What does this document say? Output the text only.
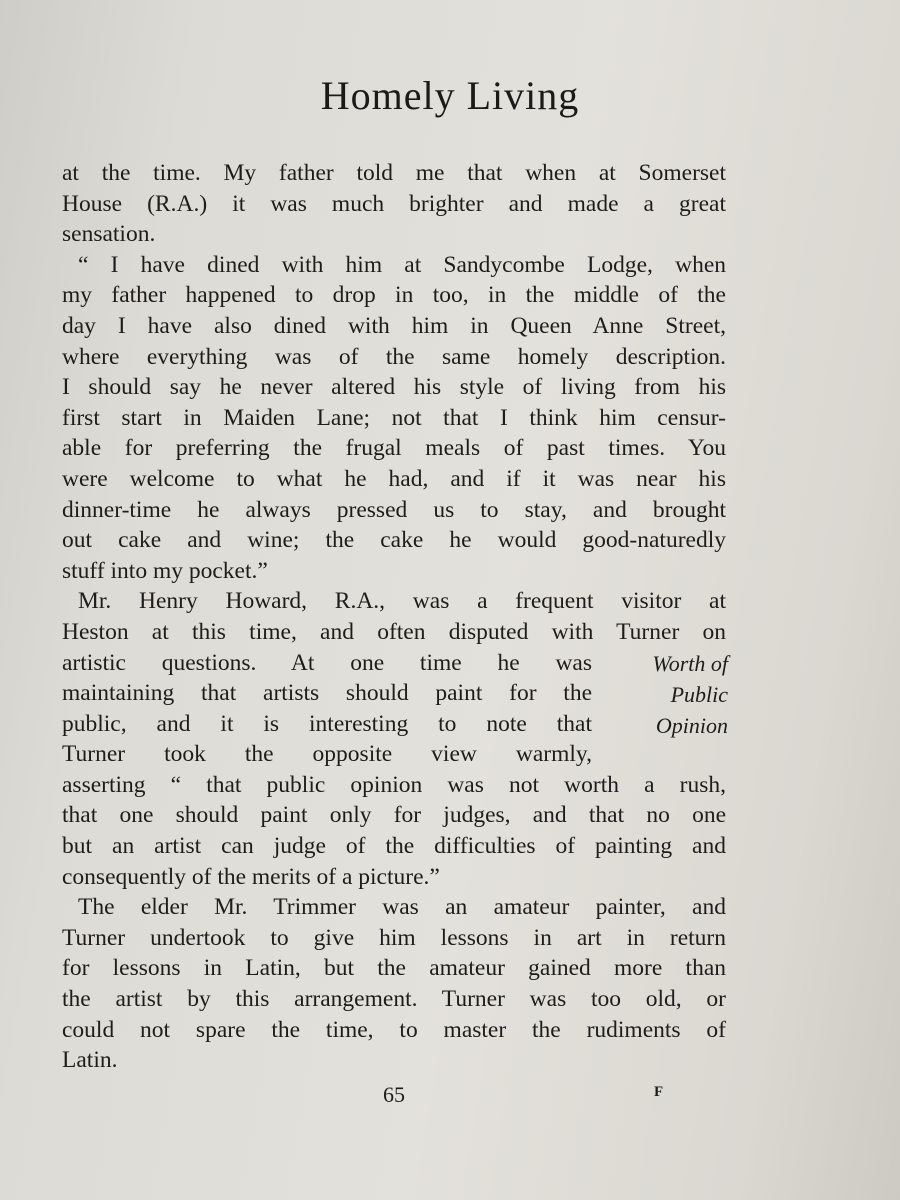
Homely Living
at the time. My father told me that when at Somerset
House (R.A.) it was much brighter and made a great
sensation.
“ I have dined with him at Sandycombe Lodge, when
my father happened to drop in too, in the middle of the
day I have also dined with him in Queen Anne Street,
where everything was of the same homely description.
I should say he never altered his style of living from his
first start in Maiden Lane; not that I think him censur-
able for preferring the frugal meals of past times. You
were welcome to what he had, and if it was near his
dinner-time he always pressed us to stay, and brought
out cake and wine; the cake he would good-naturedly
stuff into my pocket.”
Mr. Henry Howard, R.A., was a frequent visitor at
Heston at this time, and often disputed with Turner on
artistic questions. At one time he was
maintaining that artists should paint for the
public, and it is interesting to note that
Turner took the opposite view warmly,
Worth of
Public
Opinion
asserting “ that public opinion was not worth a rush,
that one should paint only for judges, and that no one
but an artist can judge of the difficulties of painting and
consequently of the merits of a picture.”
The elder Mr. Trimmer was an amateur painter, and
Turner undertook to give him lessons in art in return
for lessons in Latin, but the amateur gained more than
the artist by this arrangement. Turner was too old, or
could not spare the time, to master the rudiments of
Latin.
65	F
